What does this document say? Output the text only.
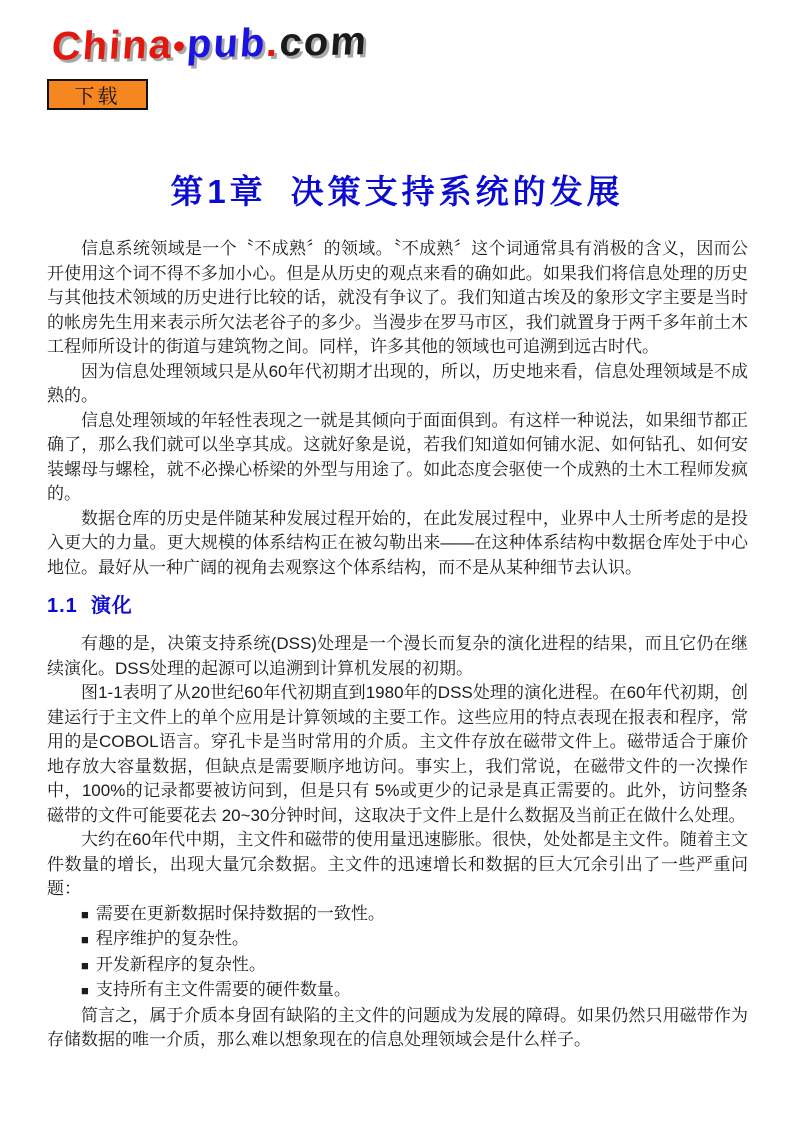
China•pub.com
下载
第1章 决策支持系统的发展

信息系统领域是一个〝不成熟〞的领域。〝不成熟〞这个词通常具有消极的含义，因而公开使用这个词不得不多加小心。但是从历史的观点来看的确如此。如果我们将信息处理的历史与其他技术领域的历史进行比较的话，就没有争议了。我们知道古埃及的象形文字主要是当时的帐房先生用来表示所欠法老谷子的多少。当漫步在罗马市区，我们就置身于两千多年前土木工程师所设计的街道与建筑物之间。同样，许多其他的领域也可追溯到远古时代。

因为信息处理领域只是从60年代初期才出现的，所以，历史地来看，信息处理领域是不成熟的。

信息处理领域的年轻性表现之一就是其倾向于面面俱到。有这样一种说法，如果细节都正确了，那么我们就可以坐享其成。这就好象是说，若我们知道如何铺水泥、如何钻孔、如何安装螺母与螺栓，就不必操心桥梁的外型与用途了。如此态度会驱使一个成熟的土木工程师发疯的。

数据仓库的历史是伴随某种发展过程开始的，在此发展过程中，业界中人士所考虑的是投入更大的力量。更大规模的体系结构正在被勾勒出来——在这种体系结构中数据仓库处于中心地位。最好从一种广阔的视角去观察这个体系结构，而不是从某种细节去认识。

1.1 演化

有趣的是，决策支持系统(DSS)处理是一个漫长而复杂的演化进程的结果，而且它仍在继续演化。DSS处理的起源可以追溯到计算机发展的初期。

图1-1表明了从20世纪60年代初期直到1980年的DSS处理的演化进程。在60年代初期，创建运行于主文件上的单个应用是计算领域的主要工作。这些应用的特点表现在报表和程序，常用的是COBOL语言。穿孔卡是当时常用的介质。主文件存放在磁带文件上。磁带适合于廉价地存放大容量数据，但缺点是需要顺序地访问。事实上，我们常说，在磁带文件的一次操作中，100%的记录都要被访问到，但是只有 5%或更少的记录是真正需要的。此外，访问整条磁带的文件可能要花去 20~30分钟时间，这取决于文件上是什么数据及当前正在做什么处理。

大约在60年代中期，主文件和磁带的使用量迅速膨胀。很快，处处都是主文件。随着主文件数量的增长，出现大量冗余数据。主文件的迅速增长和数据的巨大冗余引出了一些严重问题：

■ 需要在更新数据时保持数据的一致性。
■ 程序维护的复杂性。
■ 开发新程序的复杂性。
■ 支持所有主文件需要的硬件数量。

简言之，属于介质本身固有缺陷的主文件的问题成为发展的障碍。如果仍然只用磁带作为存储数据的唯一介质，那么难以想象现在的信息处理领域会是什么样子。
